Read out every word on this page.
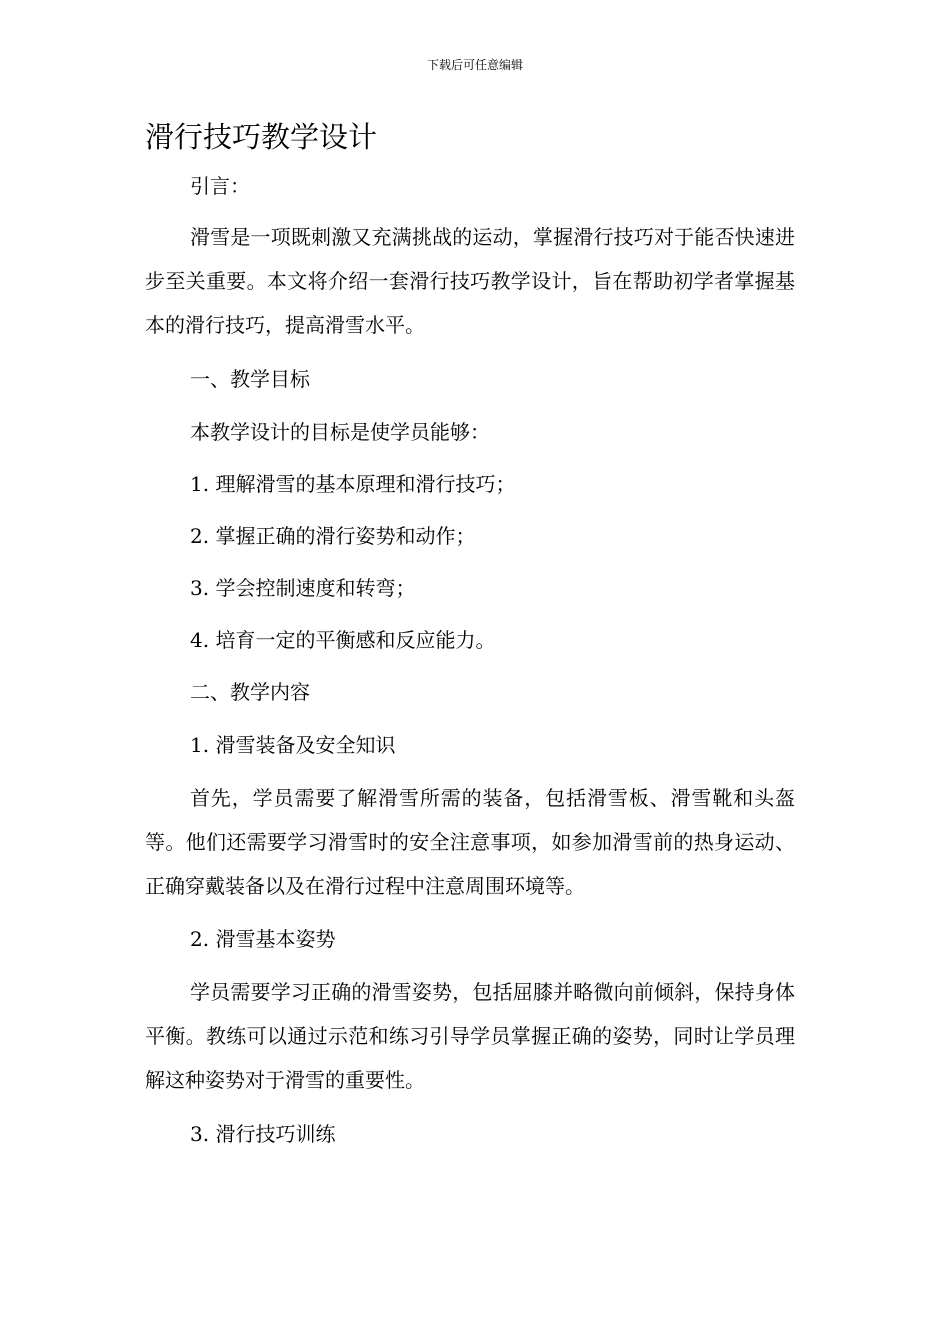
下载后可任意编辑
滑行技巧教学设计
引言：

滑雪是一项既刺激又充满挑战的运动，掌握滑行技巧对于能否快速进步至关重要。本文将介绍一套滑行技巧教学设计，旨在帮助初学者掌握基本的滑行技巧，提高滑雪水平。

一、教学目标
本教学设计的目标是使学员能够：
1. 理解滑雪的基本原理和滑行技巧；
2. 掌握正确的滑行姿势和动作；
3. 学会控制速度和转弯；
4. 培育一定的平衡感和反应能力。
二、教学内容
1. 滑雪装备及安全知识

首先，学员需要了解滑雪所需的装备，包括滑雪板、滑雪靴和头盔等。他们还需要学习滑雪时的安全注意事项，如参加滑雪前的热身运动、正确穿戴装备以及在滑行过程中注意周围环境等。

2. 滑雪基本姿势

学员需要学习正确的滑雪姿势，包括屈膝并略微向前倾斜，保持身体平衡。教练可以通过示范和练习引导学员掌握正确的姿势，同时让学员理解这种姿势对于滑雪的重要性。

3. 滑行技巧训练
